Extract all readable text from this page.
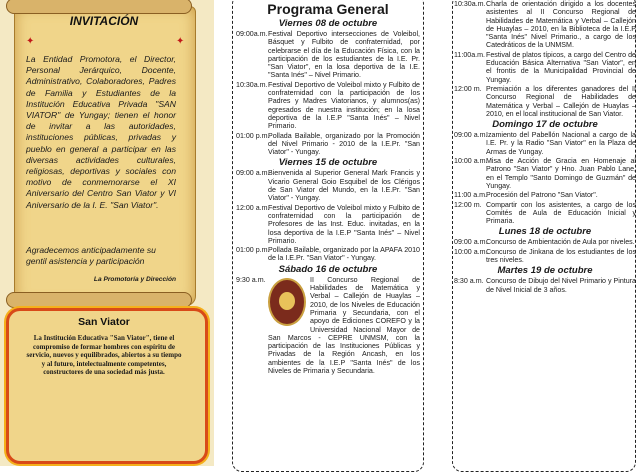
✦	✦
INVITACIÓN
La Entidad Promotora, el Director, Personal Jerárquico, Docente, Administrativo, Colaboradores, Padres de Familia y Estudiantes de la Institución Educativa Privada "SAN VIATOR" de Yungay; tienen el honor de invitar a las autoridades, instituciones públicas, privadas y pueblo en general a participar en las diversas actividades culturales, religiosas, deportivas y sociales con motivo de conmemorarse el XI Aniversario del Centro San Viator y VI Aniversario de la I. E. "San Viator".
Agradecemos anticipadamente su gentil asistencia y participación
La Promotoría y Dirección
San Viator
La Institución Educativa "San Viator", tiene el compromiso de formar hombres con espíritu de servicio, nuevos y equilibrados, abiertos a su tiempo y al futuro, intelectualmente competentes, constructores de una sociedad más justa.
Programa General
Viernes 08 de octubre
09:00a.m. Festival Deportivo intersecciones de Voleibol, Básquet y Fulbito de confraternidad, por celebrarse el día de la Educación Física, con la participación de los estudiantes de la I.E. Pr. "San Viator", en la losa deportiva de la I.E. "Santa Inés" – Nivel Primario.
10:30a.m. Festival Deportivo de Voleibol mixto y Fulbito de confraternidad con la participación de los Padres y Madres Viatorianos, y alumnos(as) egresados de nuestra institución; en la losa deportiva de la I.E.P "Santa Inés" – Nivel Primario.
01:00 p.m.
Pollada Bailable, organizado por la Promoción del Nivel Primario - 2010 de la I.E.Pr. "San Viator" - Yungay.
Viernes 15 de octubre
09:00 a.m.
Bienvenida al Superior General Mark Francis y Vicario General Goio Esquibel de los Clérigos de San Viator del Mundo, en la I.E.Pr. "San Viator" - Yungay.
12:00 a.m.
Festival Deportivo de Voleibol mixto y Fulbito de confraternidad con la participación de Profesores de las Inst. Educ. invitadas, en la losa deportiva de la I.E.P "Santa Inés" – Nivel Primario.
01:00 p.m.
Pollada Bailable, organizado por la APAFA 2010 de la I.E.Pr. "San Viator" - Yungay.
Sábado 16 de octubre
9:30 a.m.	II Concurso Regional de Habilidades de Matemática y Verbal – Callejón de Huaylas – 2010, de los Niveles de Educación Primaria y Secundaria, con el apoyo de Ediciones COREFO y la Universidad Nacional Mayor de San Marcos - CEPRE UNMSM, con la participación de las Instituciones Públicas y Privadas de la Región Ancash, en los ambientes de la I.E.P "Santa Inés" de los Niveles de Primaria y Secundaria.
10:30a.m. Charla de orientación dirigido a los docentes asistentes al II Concurso Regional de Habilidades de Matemática y Verbal – Callejón de Huaylas – 2010, en la Biblioteca de la I.E.P "Santa Inés" Nivel Primario., a cargo de los Catedráticos de la UNMSM.
11:00a.m. Festival de platos típicos, a cargo del Centro de Educación Básica Alternativa "San Viator", en el frontis de la Municipalidad Provincial de Yungay.
12:00 m. Premiación a los diferentes ganadores del II Concurso Regional de Habilidades de Matemática y Verbal – Callejón de Huaylas – 2010, en el local institucional de San Viator.
Domingo 17 de octubre
09:00 a.m.
Izamiento del Pabellón Nacional a cargo de la I.E. Pr. y la Radio "San Viator" en la Plaza de Armas de Yungay.
10:00 a.m.
Misa de Acción de Gracia en Homenaje al Patrono "San Viator" y Hno. Juan Pablo Lane, en el Templo "Santo Domingo de Guzmán" de Yungay.
11:00 a.m. Procesión del Patrono "San Viator".
12:00 m. Compartir con los asistentes, a cargo de los Comités de Aula de Educación Inicial y Primaria.
Lunes 18 de octubre
09:00 a.m.
Concurso de Ambientación de Aula por niveles.
10:00 a.m.
Concurso de Jinkana de los estudiantes de los tres niveles.
Martes 19 de octubre
8:30 a.m. Concurso de Dibujo del Nivel Primario y Pintura de Nivel Inicial de 3 años.
